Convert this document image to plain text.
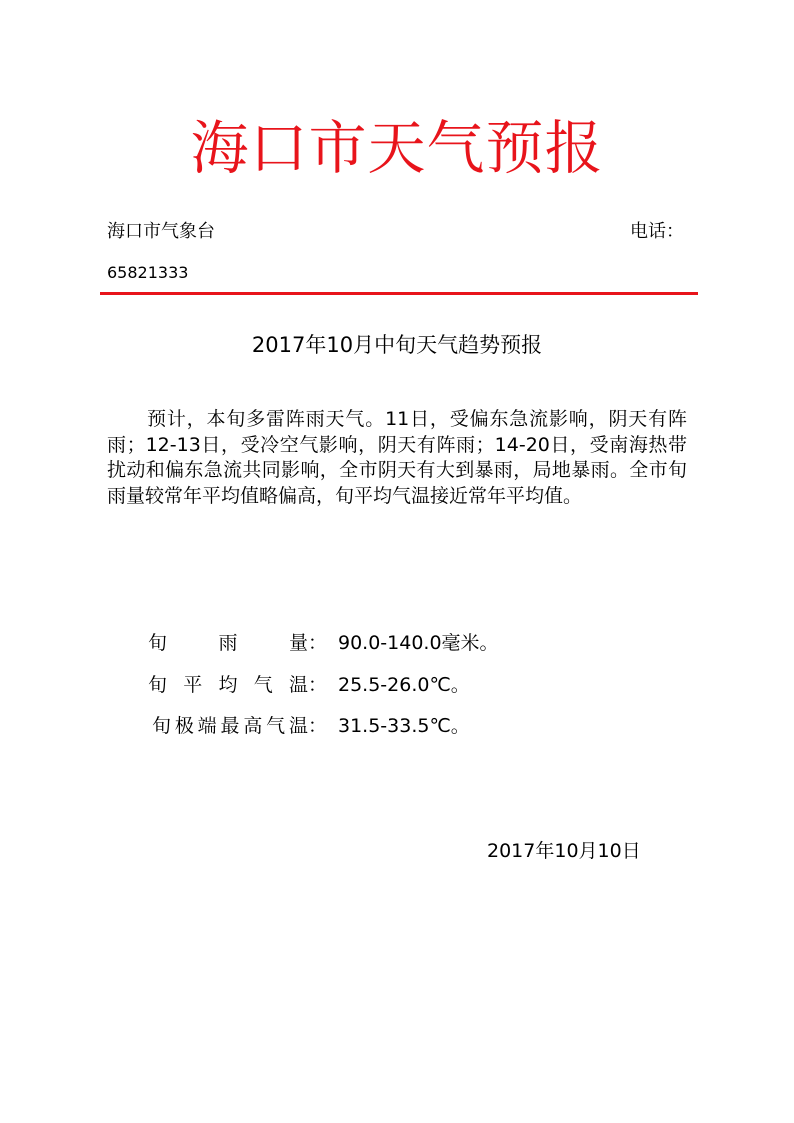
海口市天气预报
海口市气象台	电话：
65821333
2017年10月中旬天气趋势预报

预计，本旬多雷阵雨天气。11日，受偏东急流影响，阴天有阵雨；12-13日，受冷空气影响，阴天有阵雨；14-20日，受南海热带扰动和偏东急流共同影响，全市阴天有大到暴雨，局地暴雨。全市旬雨量较常年平均值略偏高，旬平均气温接近常年平均值。

旬雨量： 90.0-140.0毫米。
旬平均气温： 25.5-26.0℃。
旬极端最高气温： 31.5-33.5℃。
2017年10月10日
